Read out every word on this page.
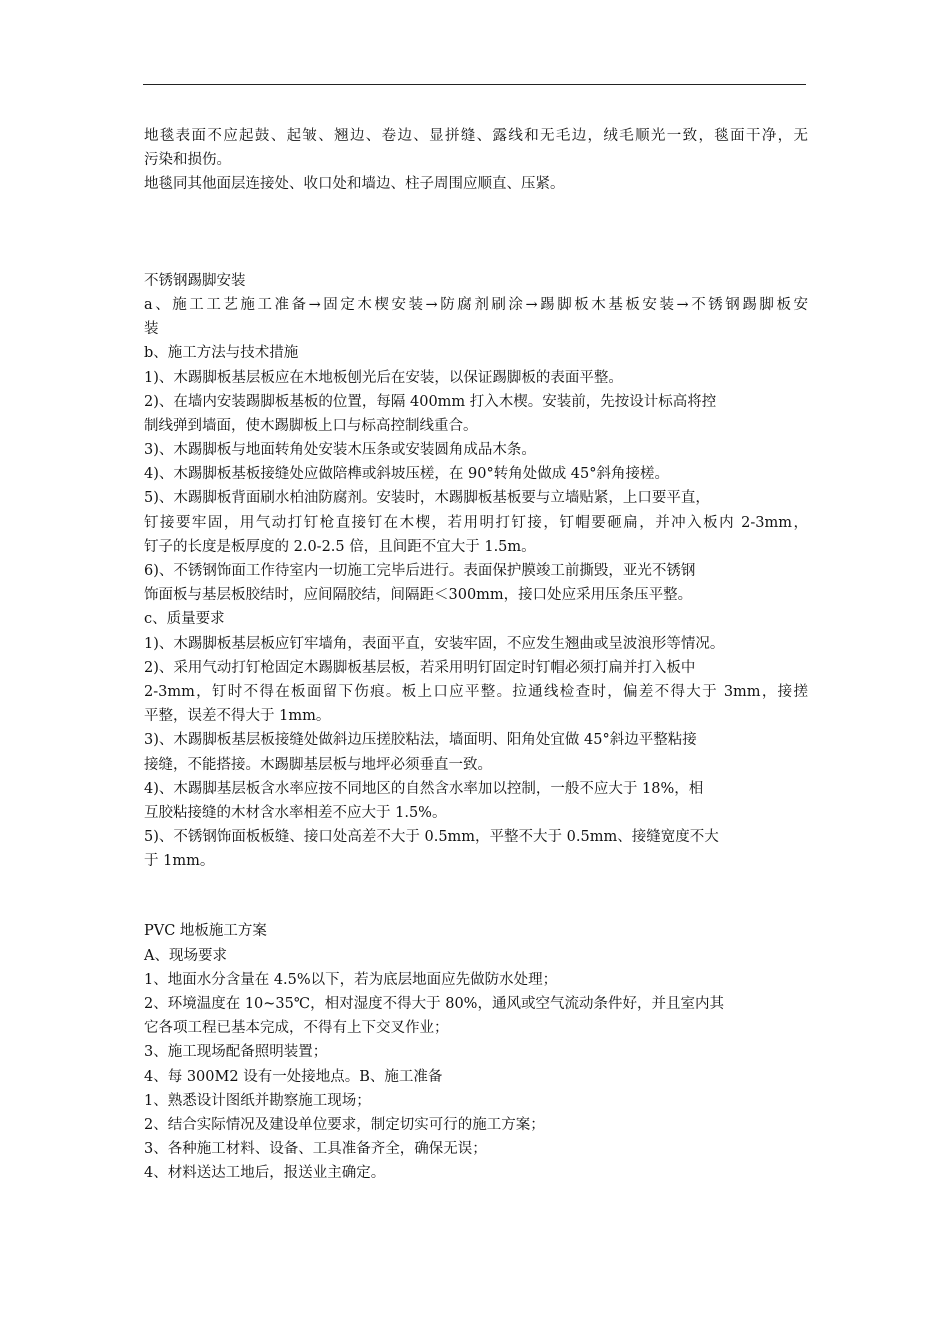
地毯表面不应起鼓、起皱、翘边、卷边、显拼缝、露线和无毛边，绒毛顺光一致，毯面干净，无
污染和损伤。
地毯同其他面层连接处、收口处和墙边、柱子周围应顺直、压紧。
不锈钢踢脚安装
a、施工工艺施工准备→固定木楔安装→防腐剂刷涂→踢脚板木基板安装→不锈钢踢脚板安
装
b、施工方法与技术措施
1)、木踢脚板基层板应在木地板刨光后在安装，以保证踢脚板的表面平整。
2)、在墙内安装踢脚板基板的位置，每隔 400mm 打入木楔。安装前，先按设计标高将控
制线弹到墙面，使木踢脚板上口与标高控制线重合。
3)、木踢脚板与地面转角处安装木压条或安装圆角成品木条。
4)、木踢脚板基板接缝处应做陪榫或斜坡压槎，在 90°转角处做成 45°斜角接槎。
5)、木踢脚板背面刷水柏油防腐剂。安装时，木踢脚板基板要与立墙贴紧，上口要平直，
钉接要牢固，用气动打钉枪直接钉在木楔，若用明打钉接，钉帽要砸扁，并冲入板内 2-3mm，
钉子的长度是板厚度的 2.0-2.5 倍，且间距不宜大于 1.5m。
6)、不锈钢饰面工作待室内一切施工完毕后进行。表面保护膜竣工前撕毁，亚光不锈钢
饰面板与基层板胶结时，应间隔胶结，间隔距＜300mm，接口处应采用压条压平整。
c、质量要求
1)、木踢脚板基层板应钉牢墙角，表面平直，安装牢固，不应发生翘曲或呈波浪形等情况。
2)、采用气动打钉枪固定木踢脚板基层板，若采用明钉固定时钉帽必须打扁并打入板中
2-3mm，钉时不得在板面留下伤痕。板上口应平整。拉通线检查时，偏差不得大于 3mm，接搓
平整，误差不得大于 1mm。
3)、木踢脚板基层板接缝处做斜边压搓胶粘法，墙面明、阳角处宜做 45°斜边平整粘接
接缝，不能搭接。木踢脚基层板与地坪必须垂直一致。
4)、木踢脚基层板含水率应按不同地区的自然含水率加以控制，一般不应大于 18%，相
互胶粘接缝的木材含水率相差不应大于 1.5%。
5)、不锈钢饰面板板缝、接口处高差不大于 0.5mm，平整不大于 0.5mm、接缝宽度不大
于 1mm。
PVC 地板施工方案
A、现场要求
1、地面水分含量在 4.5%以下，若为底层地面应先做防水处理；
2、环境温度在 10~35℃，相对湿度不得大于 80%，通风或空气流动条件好，并且室内其
它各项工程已基本完成，不得有上下交叉作业；
3、施工现场配备照明装置；
4、每 300M2 设有一处接地点。B、施工准备
1、熟悉设计图纸并勘察施工现场；
2、结合实际情况及建设单位要求，制定切实可行的施工方案；
3、各种施工材料、设备、工具准备齐全，确保无误；
4、材料送达工地后，报送业主确定。
